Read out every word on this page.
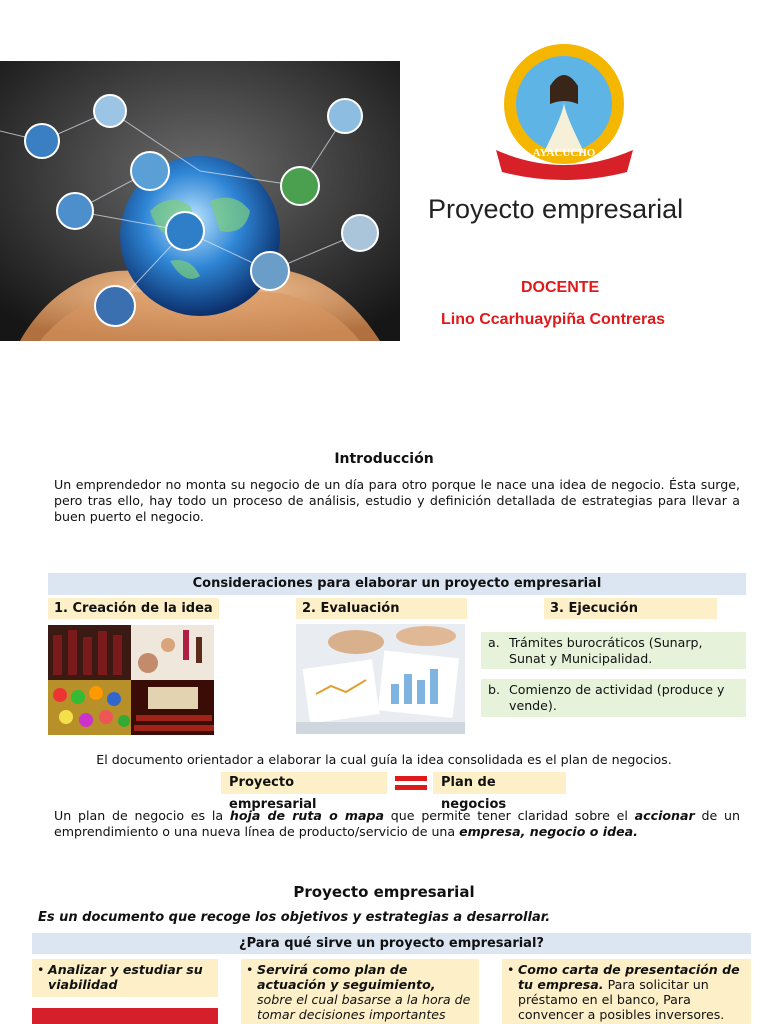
AYACUCHO
Proyecto empresarial
DOCENTE
Lino Ccarhuaypiña Contreras
Introducción
Un emprendedor no monta su negocio de un día para otro porque le nace una idea de negocio. Ésta surge, pero tras ello, hay todo un proceso de análisis, estudio y definición detallada de estrategias para llevar a buen puerto el negocio.
Consideraciones para elaborar un proyecto empresarial
1. Creación de la idea	2. Evaluación	3. Ejecución
a. Trámites burocráticos (Sunarp, Sunat y Municipalidad.
b. Comienzo de actividad (produce y vende).
El documento orientador a elaborar la cual guía la idea consolidada es el plan de negocios.
Proyecto empresarial
Plan de negocios
Un plan de negocio es la hoja de ruta o mapa que permite tener claridad sobre el accionar de un emprendimiento o una nueva línea de producto/servicio de una empresa, negocio o idea.
Proyecto empresarial
Es un documento que recoge los objetivos y estrategias a desarrollar.
¿Para qué sirve un proyecto empresarial?
• Analizar y estudiar su viabilidad
• Servirá como plan de actuación y seguimiento, sobre el cual basarse a la hora de tomar decisiones importantes
• Como carta de presentación de tu empresa. Para solicitar un préstamo en el banco, Para convencer a posibles inversores.
